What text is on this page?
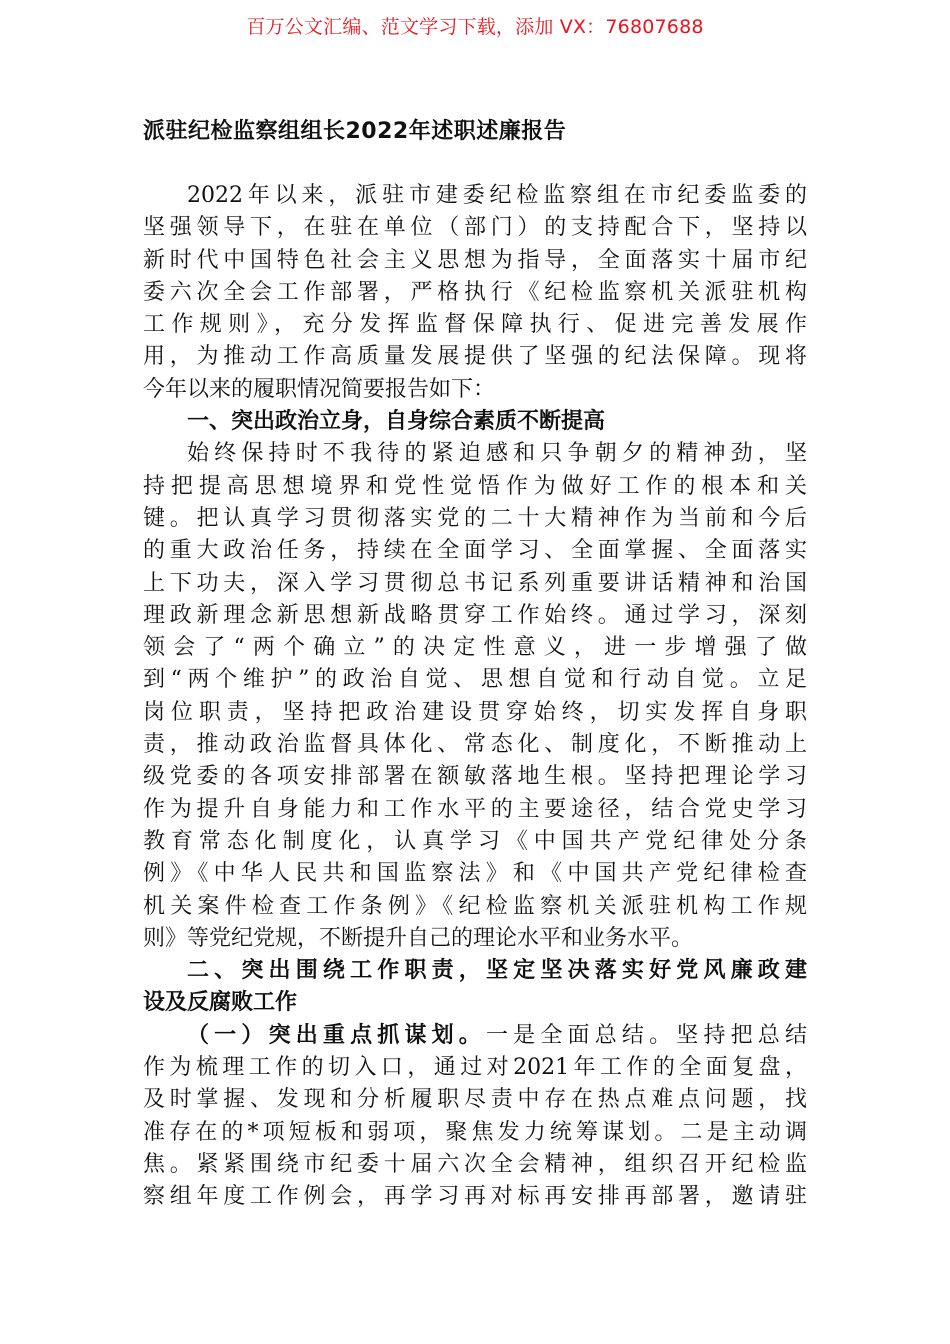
百万公文汇编、范文学习下载，添加 VX：76807688
派驻纪检监察组组长2022年述职述廉报告
2022年以来，派驻市建委纪检监察组在市纪委监委的
坚强领导下，在驻在单位（部门）的支持配合下，坚持以
新时代中国特色社会主义思想为指导，全面落实十届市纪
委六次全会工作部署，严格执行《纪检监察机关派驻机构
工作规则》，充分发挥监督保障执行、促进完善发展作
用，为推动工作高质量发展提供了坚强的纪法保障。现将
今年以来的履职情况简要报告如下：
一、突出政治立身，自身综合素质不断提高
始终保持时不我待的紧迫感和只争朝夕的精神劲，坚
持把提高思想境界和党性觉悟作为做好工作的根本和关
键。把认真学习贯彻落实党的二十大精神作为当前和今后
的重大政治任务，持续在全面学习、全面掌握、全面落实
上下功夫，深入学习贯彻总书记系列重要讲话精神和治国
理政新理念新思想新战略贯穿工作始终。通过学习，深刻
领会了“两个确立”的决定性意义，进一步增强了做
到“两个维护”的政治自觉、思想自觉和行动自觉。立足
岗位职责，坚持把政治建设贯穿始终，切实发挥自身职
责，推动政治监督具体化、常态化、制度化，不断推动上
级党委的各项安排部署在额敏落地生根。坚持把理论学习
作为提升自身能力和工作水平的主要途径，结合党史学习
教育常态化制度化，认真学习《中国共产党纪律处分条
例》《中华人民共和国监察法》和《中国共产党纪律检查
机关案件检查工作条例》《纪检监察机关派驻机构工作规
则》等党纪党规，不断提升自己的理论水平和业务水平。
二、突出围绕工作职责，坚定坚决落实好党风廉政建
设及反腐败工作
（一）突出重点抓谋划。一是全面总结。坚持把总结
作为梳理工作的切入口，通过对2021年工作的全面复盘，
及时掌握、发现和分析履职尽责中存在热点难点问题，找
准存在的*项短板和弱项，聚焦发力统筹谋划。二是主动调
焦。紧紧围绕市纪委十届六次全会精神，组织召开纪检监
察组年度工作例会，再学习再对标再安排再部署，邀请驻
